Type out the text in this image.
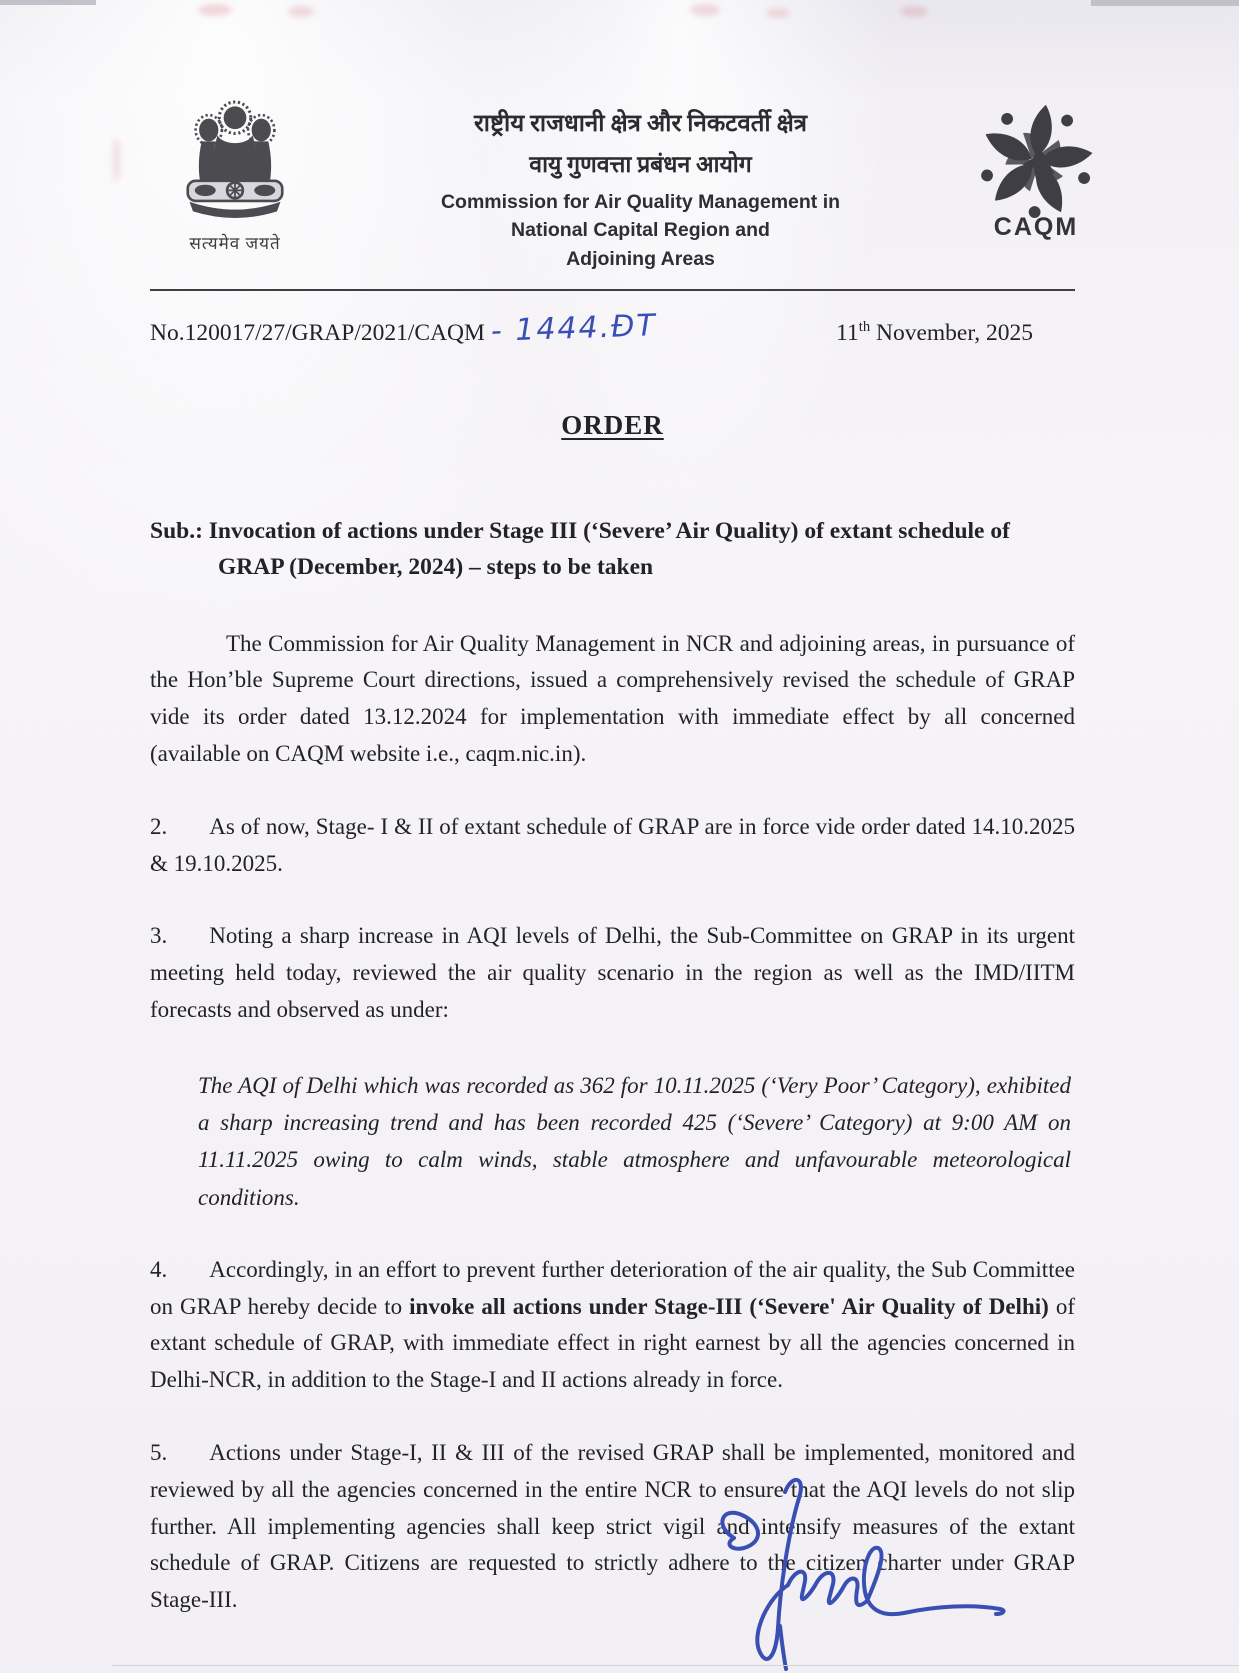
सत्यमेव जयते
राष्ट्रीय राजधानी क्षेत्र और निकटवर्ती क्षेत्र
वायु गुणवत्ता प्रबंधन आयोग
Commission for Air Quality Management in
National Capital Region and
Adjoining Areas
CAQM
No.120017/27/GRAP/2021/CAQM - 1444.ĐT	11th November, 2025
ORDER
Sub.: Invocation of actions under Stage III (‘Severe’ Air Quality) of extant schedule of GRAP (December, 2024) – steps to be taken
The Commission for Air Quality Management in NCR and adjoining areas, in pursuance of the Hon’ble Supreme Court directions, issued a comprehensively revised the schedule of GRAP vide its order dated 13.12.2024 for implementation with immediate effect by all concerned (available on CAQM website i.e., caqm.nic.in).
2. As of now, Stage- I & II of extant schedule of GRAP are in force vide order dated 14.10.2025 & 19.10.2025.
3. Noting a sharp increase in AQI levels of Delhi, the Sub-Committee on GRAP in its urgent meeting held today, reviewed the air quality scenario in the region as well as the IMD/IITM forecasts and observed as under:
The AQI of Delhi which was recorded as 362 for 10.11.2025 (‘Very Poor’ Category), exhibited a sharp increasing trend and has been recorded 425 (‘Severe’ Category) at 9:00 AM on 11.11.2025 owing to calm winds, stable atmosphere and unfavourable meteorological conditions.
4. Accordingly, in an effort to prevent further deterioration of the air quality, the Sub Committee on GRAP hereby decide to invoke all actions under Stage-III (‘Severe' Air Quality of Delhi) of extant schedule of GRAP, with immediate effect in right earnest by all the agencies concerned in Delhi-NCR, in addition to the Stage-I and II actions already in force.
5. Actions under Stage-I, II & III of the revised GRAP shall be implemented, monitored and reviewed by all the agencies concerned in the entire NCR to ensure that the AQI levels do not slip further. All implementing agencies shall keep strict vigil and intensify measures of the extant schedule of GRAP. Citizens are requested to strictly adhere to the citizen charter under GRAP Stage-III.
